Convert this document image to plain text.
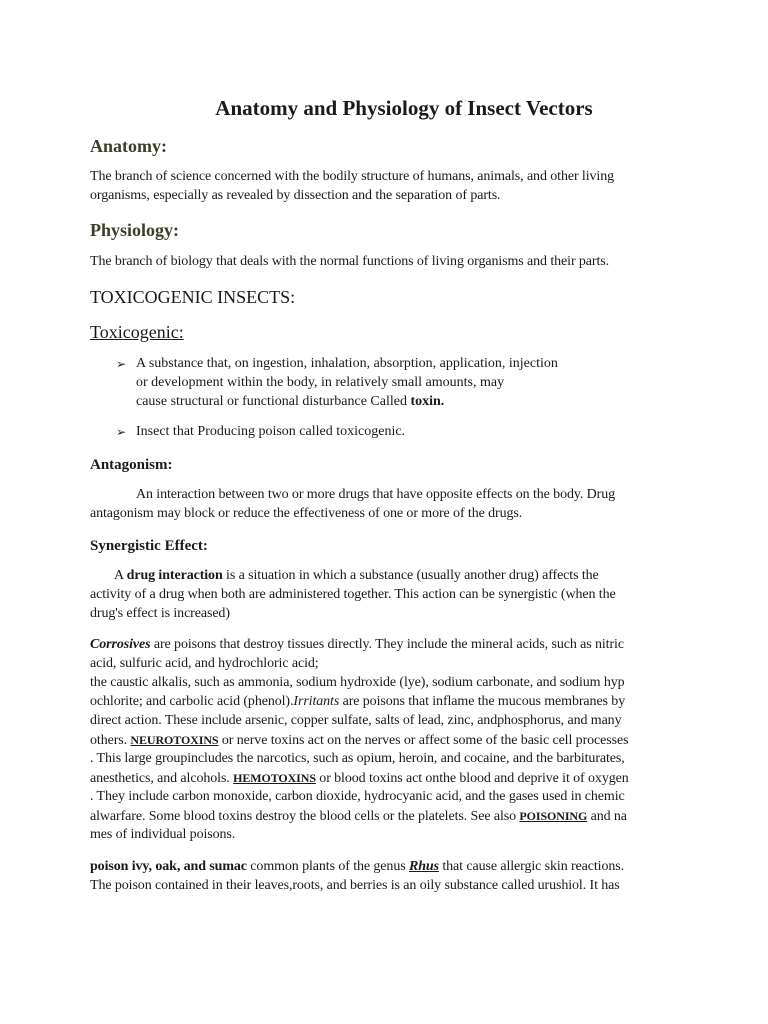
Anatomy and Physiology of Insect Vectors
Anatomy:
The branch of science concerned with the bodily structure of humans, animals, and other living
organisms, especially as revealed by dissection and the separation of parts.
Physiology:
The branch of biology that deals with the normal functions of living organisms and their parts.
TOXICOGENIC INSECTS:
Toxicogenic:
➢ A substance that, on ingestion, inhalation, absorption, application, injection
or development within the body, in relatively small amounts, may
cause structural or functional disturbance Called toxin.
➢ Insect that Producing poison called toxicogenic.
Antagonism:
An interaction between two or more drugs that have opposite effects on the body. Drug
antagonism may block or reduce the effectiveness of one or more of the drugs.
Synergistic Effect:
A drug interaction is a situation in which a substance (usually another drug) affects the
activity of a drug when both are administered together. This action can be synergistic (when the
drug's effect is increased)
Corrosives are poisons that destroy tissues directly. They include the mineral acids, such as nitric
acid, sulfuric acid, and hydrochloric acid;
the caustic alkalis, such as ammonia, sodium hydroxide (lye), sodium carbonate, and sodium hyp
ochlorite; and carbolic acid (phenol).Irritants are poisons that inflame the mucous membranes by
direct action. These include arsenic, copper sulfate, salts of lead, zinc, andphosphorus, and many
others. NEUROTOXINS or nerve toxins act on the nerves or affect some of the basic cell processes
. This large groupincludes the narcotics, such as opium, heroin, and cocaine, and the barbiturates,
anesthetics, and alcohols. HEMOTOXINS or blood toxins act onthe blood and deprive it of oxygen
. They include carbon monoxide, carbon dioxide, hydrocyanic acid, and the gases used in chemic
alwarfare. Some blood toxins destroy the blood cells or the platelets. See also POISONING and na
mes of individual poisons.
poison ivy, oak, and sumac common plants of the genus Rhus that cause allergic skin reactions.
The poison contained in their leaves,roots, and berries is an oily substance called urushiol. It has
